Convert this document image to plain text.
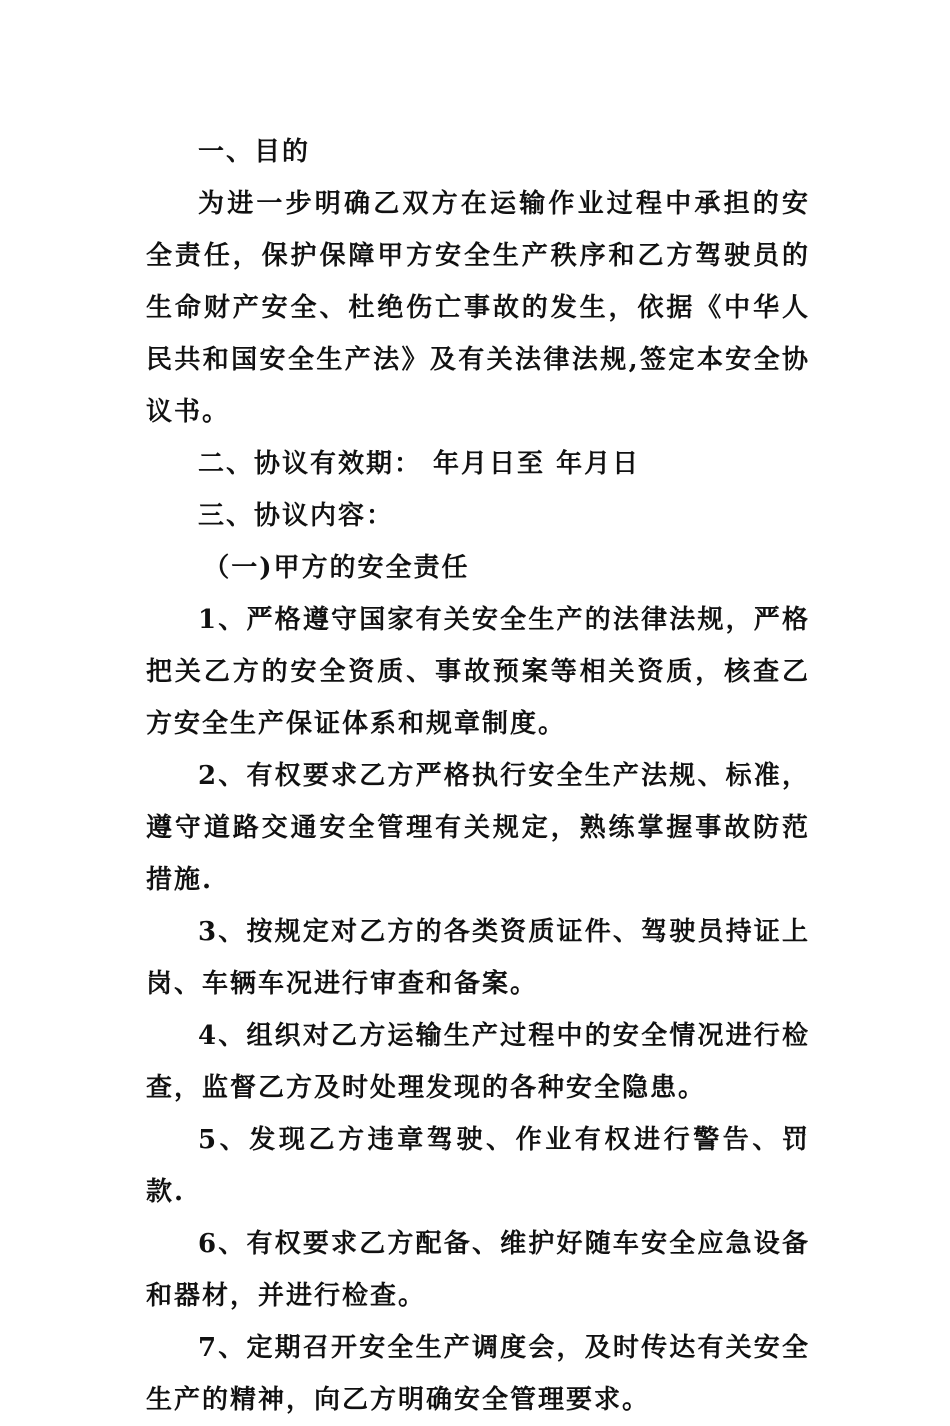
一、目的

为进一步明确乙双方在运输作业过程中承担的安全责任，保护保障甲方安全生产秩序和乙方驾驶员的生命财产安全、杜绝伤亡事故的发生，依据《中华人民共和国安全生产法》及有关法律法规,签定本安全协议书。

二、协议有效期： 年月日至 年月日

三、协议内容：

（一)甲方的安全责任

1、严格遵守国家有关安全生产的法律法规，严格把关乙方的安全资质、事故预案等相关资质，核查乙方安全生产保证体系和规章制度。

2、有权要求乙方严格执行安全生产法规、标准，遵守道路交通安全管理有关规定，熟练掌握事故防范措施.

3、按规定对乙方的各类资质证件、驾驶员持证上岗、车辆车况进行审查和备案。

4、组织对乙方运输生产过程中的安全情况进行检查，监督乙方及时处理发现的各种安全隐患。

5、发现乙方违章驾驶、作业有权进行警告、罚款.

6、有权要求乙方配备、维护好随车安全应急设备和器材，并进行检查。

7、定期召开安全生产调度会，及时传达有关安全生产的精神，向乙方明确安全管理要求。
